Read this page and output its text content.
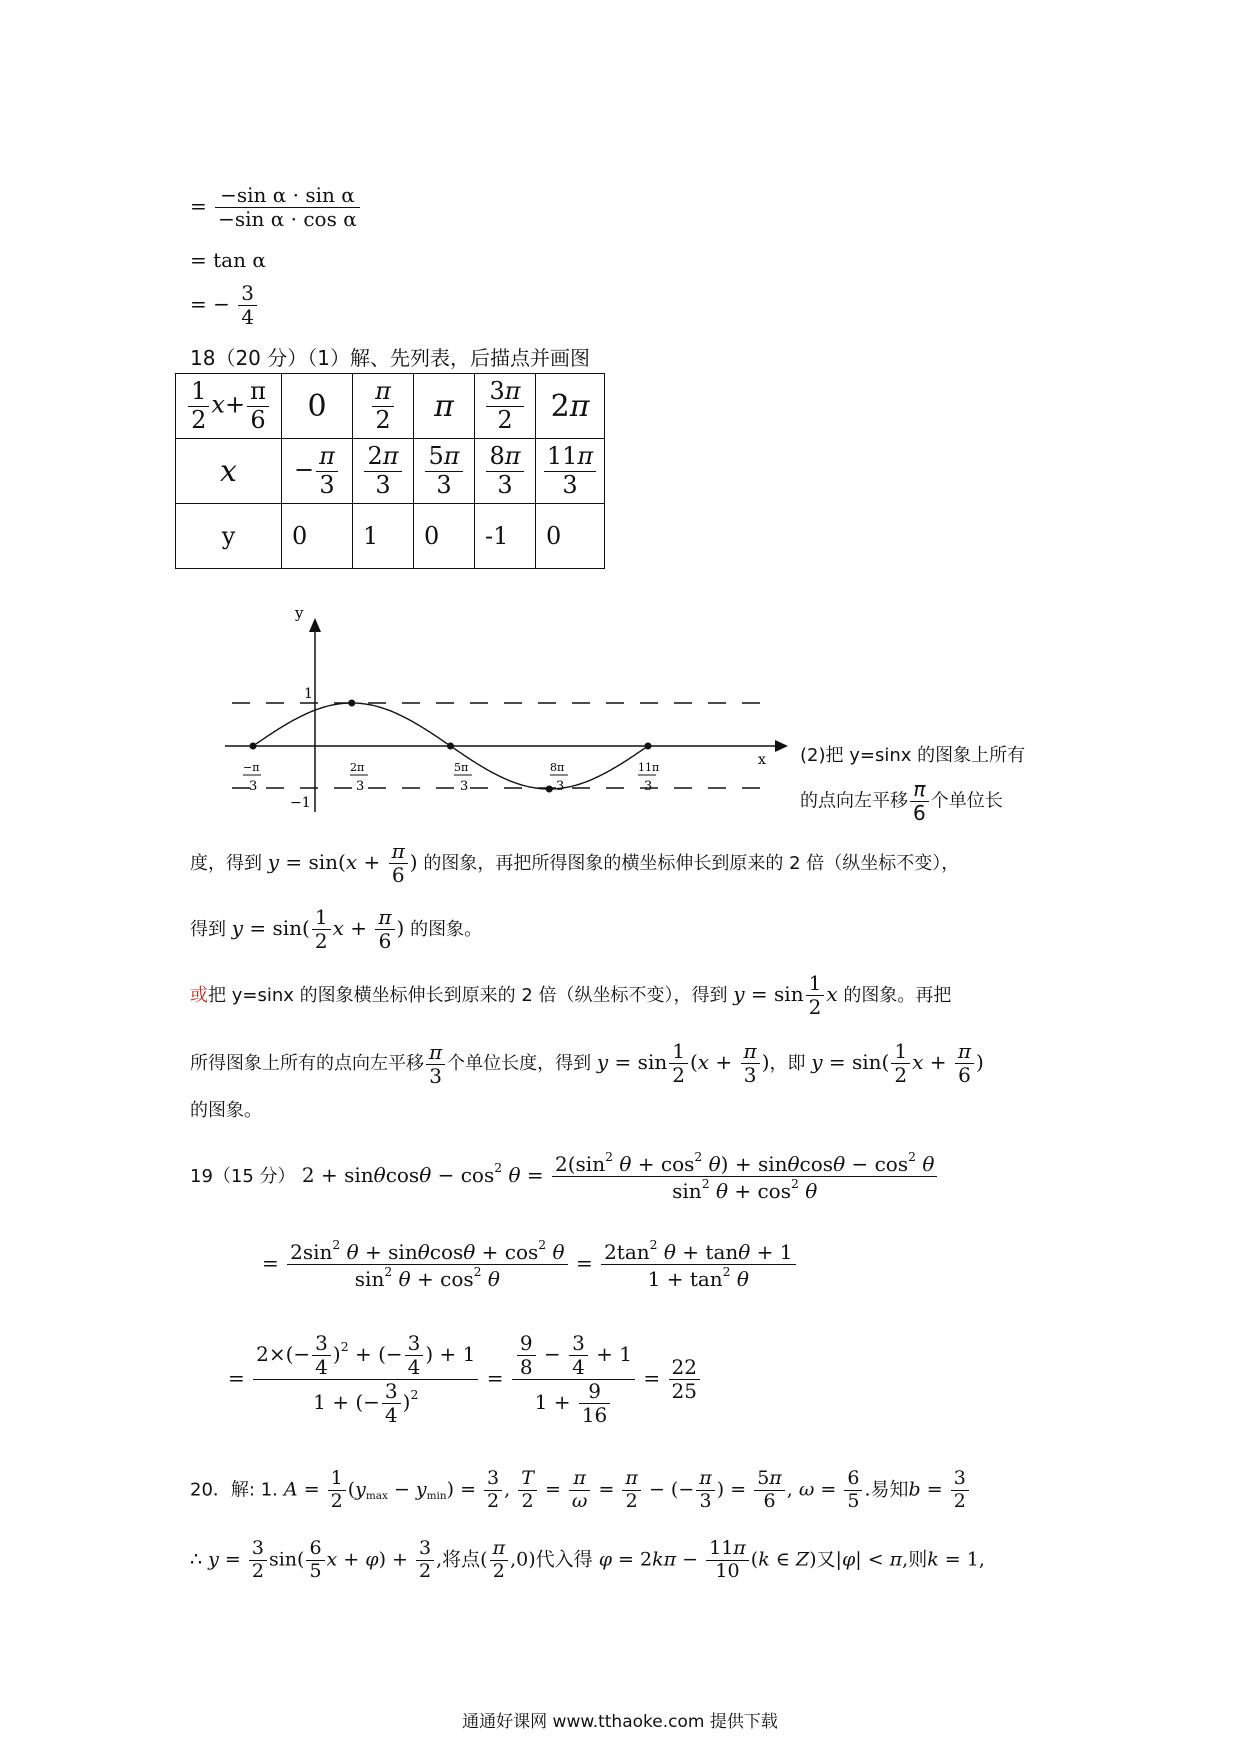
= $\frac{\text{−sin α · sin α}}{\text{−sin α · cos α}}$
= tan α
= − $\frac{3}{4}$
18（20 分）（1）解、先列表，后描点并画图
$\frac{1}{2} x+ \frac{\pi}{6}$	0	$\frac{\pi}{2}$	π	$\frac{3\pi}{2}$	2π
x	− $\frac{\pi}{3}$	$\frac{2\pi}{3}$	$\frac{5\pi}{3}$	$\frac{8\pi}{3}$	$\frac{11\pi}{3}$

y	0	1	0	-1	0
y
x
1
−1
−π
3
2π
3
5π
3
8π
3
11π
3
(2)把 y=sinx 的图象上所有
的点向左平移 $\frac{\pi}{6}$ 个单位长
度，得到 $y = \sin(x + \frac{\pi}{6}$ ) 的图象，再把所得图象的横坐标伸长到原来的 2 倍（纵坐标不变），
得到 $y = \sin( \frac{1}{2}$ $x + \frac{\pi}{6}$ ) 的图象。
或把 y=sinx 的图象横坐标伸长到原来的 2 倍（纵坐标不变），得到 $y = \sin \frac{1}{2}$ x 的图象。再把
所得图象上所有的点向左平移 $\frac{\pi}{3}$ 个单位长度，得到 $y = \sin \frac{1}{2} (x + \frac{\pi}{3}$ )，即 $y = \sin( \frac{1}{2}$ $x + \frac{\pi}{6}$ )
的图象。
19（15 分） $2 + \sin\theta\cos\theta - \cos^2 \theta = \frac{2(\sin^2 \theta + \cos^2 \theta) + \sin\theta\cos\theta - \cos^2 \theta}{\sin^2 \theta + \cos^2 \theta}$
= $\frac{2\sin^2 \theta + \sin\theta\cos\theta + \cos^2 \theta}{\sin^2 \theta + \cos^2 \theta} = \frac{2\tan^2 \theta + \tan\theta + 1}{1 + \tan^2 \theta}$
= $\frac{2\times(- \frac{3}{4} )^2 + (- \frac{3}{4} ) + 1}{1 + (- \frac{3}{4} )^2} = \frac{\frac{9}{8} - \frac{3}{4} + 1}{1 + \frac{9}{16}} = \frac{22}{25}$
20．解: 1. $A = \frac{1}{2} (y_{max} - y_{min}) = \frac{3}{2}$ , $\frac{T}{2} = \frac{\pi}{\omega} = \frac{\pi}{2}$ − (− $\frac{\pi}{3}$ ) = $\frac{5\pi}{6}$ , $\omega = \frac{6}{5}$ .易知$b = \frac{3}{2}$
∴ $y = \frac{3}{2} \sin( \frac{6}{5}$ $x + \varphi) + \frac{3}{2}$ ,将点( $\frac{\pi}{2} ,0$)代入得 $\varphi = 2k\pi - \frac{11\pi}{10} (k$ ∈ Z)又|φ| < π,则k = 1,
通通好课网 www.tthaoke.com 提供下载
